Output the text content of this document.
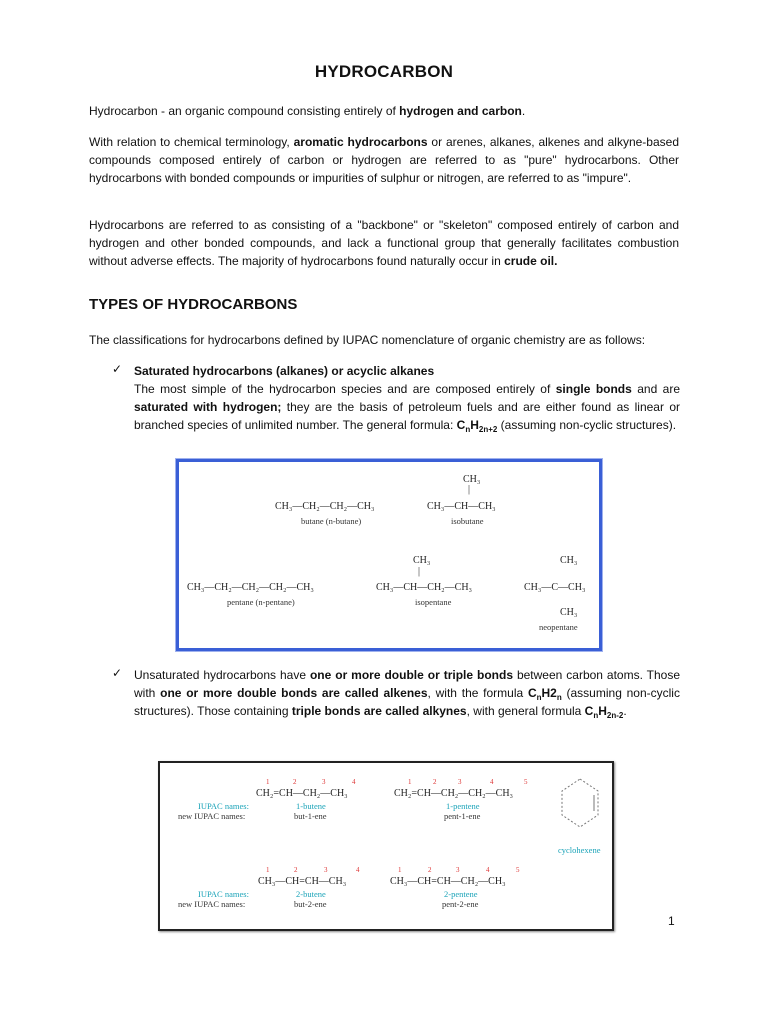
HYDROCARBON
Hydrocarbon - an organic compound consisting entirely of hydrogen and carbon.
With relation to chemical terminology, aromatic hydrocarbons or arenes, alkanes, alkenes and alkyne-based compounds composed entirely of carbon or hydrogen are referred to as "pure" hydrocarbons. Other hydrocarbons with bonded compounds or impurities of sulphur or nitrogen, are referred to as "impure".
Hydrocarbons are referred to as consisting of a "backbone" or "skeleton" composed entirely of carbon and hydrogen and other bonded compounds, and lack a functional group that generally facilitates combustion without adverse effects. The majority of hydrocarbons found naturally occur in crude oil.
TYPES OF HYDROCARBONS
The classifications for hydrocarbons defined by IUPAC nomenclature of organic chemistry are as follows:
✓ Saturated hydrocarbons (alkanes) or acyclic alkanes
The most simple of the hydrocarbon species and are composed entirely of single bonds and are saturated with hydrogen; they are the basis of petroleum fuels and are either found as linear or branched species of unlimited number. The general formula: $C_nH_{2n+2}$ (assuming non-cyclic structures).
CH₃—CH₂—CH₂—CH₃
butane (n-butane)
CH₃
|
CH₃—CH—CH₃
isobutane
CH₃—CH₂—CH₂—CH₂—CH₃
pentane (n-pentane)
CH₃
|
CH₃—CH—CH₂—CH₃
isopentane
CH₃
CH₃—C—CH₃
CH₃
neopentane
✓ Unsaturated hydrocarbons have one or more double or triple bonds between carbon atoms. Those with one or more double bonds are called alkenes, with the formula $C_nH2_n$ (assuming non-cyclic structures). Those containing triple bonds are called alkynes, with general formula $C_nH_{2n-2}$.
1	2	3	4
CH₂=CH—CH₂—CH₃
1	2	3	4	5
CH₂=CH—CH₂—CH₂—CH₃
IUPAC names:
new IUPAC names:
1-butene
but-1-ene
1-pentene
pent-1-ene
cyclohexene
1	2	3	4
CH₃—CH=CH—CH₃
1	2	3	4	5
CH₃—CH=CH—CH₂—CH₃
IUPAC names:
new IUPAC names:
2-butene
but-2-ene
2-pentene
pent-2-ene
1
